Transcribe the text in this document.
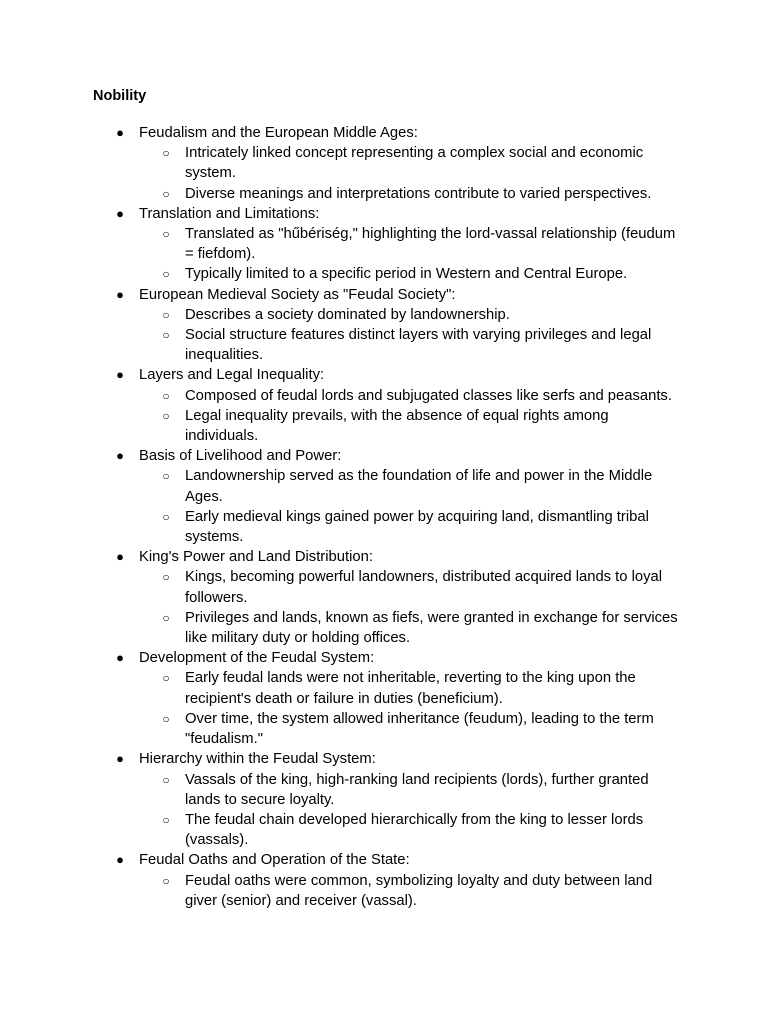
Nobility
● Feudalism and the European Middle Ages:
○ Intricately linked concept representing a complex social and economic system.
○ Diverse meanings and interpretations contribute to varied perspectives.
● Translation and Limitations:
○ Translated as "hűbériség," highlighting the lord-vassal relationship (feudum = fiefdom).
○ Typically limited to a specific period in Western and Central Europe.
● European Medieval Society as "Feudal Society":
○ Describes a society dominated by landownership.
○ Social structure features distinct layers with varying privileges and legal inequalities.
● Layers and Legal Inequality:
○ Composed of feudal lords and subjugated classes like serfs and peasants.
○ Legal inequality prevails, with the absence of equal rights among individuals.
● Basis of Livelihood and Power:
○ Landownership served as the foundation of life and power in the Middle Ages.
○ Early medieval kings gained power by acquiring land, dismantling tribal systems.
● King's Power and Land Distribution:
○ Kings, becoming powerful landowners, distributed acquired lands to loyal followers.
○ Privileges and lands, known as fiefs, were granted in exchange for services like military duty or holding offices.
● Development of the Feudal System:
○ Early feudal lands were not inheritable, reverting to the king upon the recipient's death or failure in duties (beneficium).
○ Over time, the system allowed inheritance (feudum), leading to the term "feudalism."
● Hierarchy within the Feudal System:
○ Vassals of the king, high-ranking land recipients (lords), further granted lands to secure loyalty.
○ The feudal chain developed hierarchically from the king to lesser lords (vassals).
● Feudal Oaths and Operation of the State:
○ Feudal oaths were common, symbolizing loyalty and duty between land giver (senior) and receiver (vassal).
